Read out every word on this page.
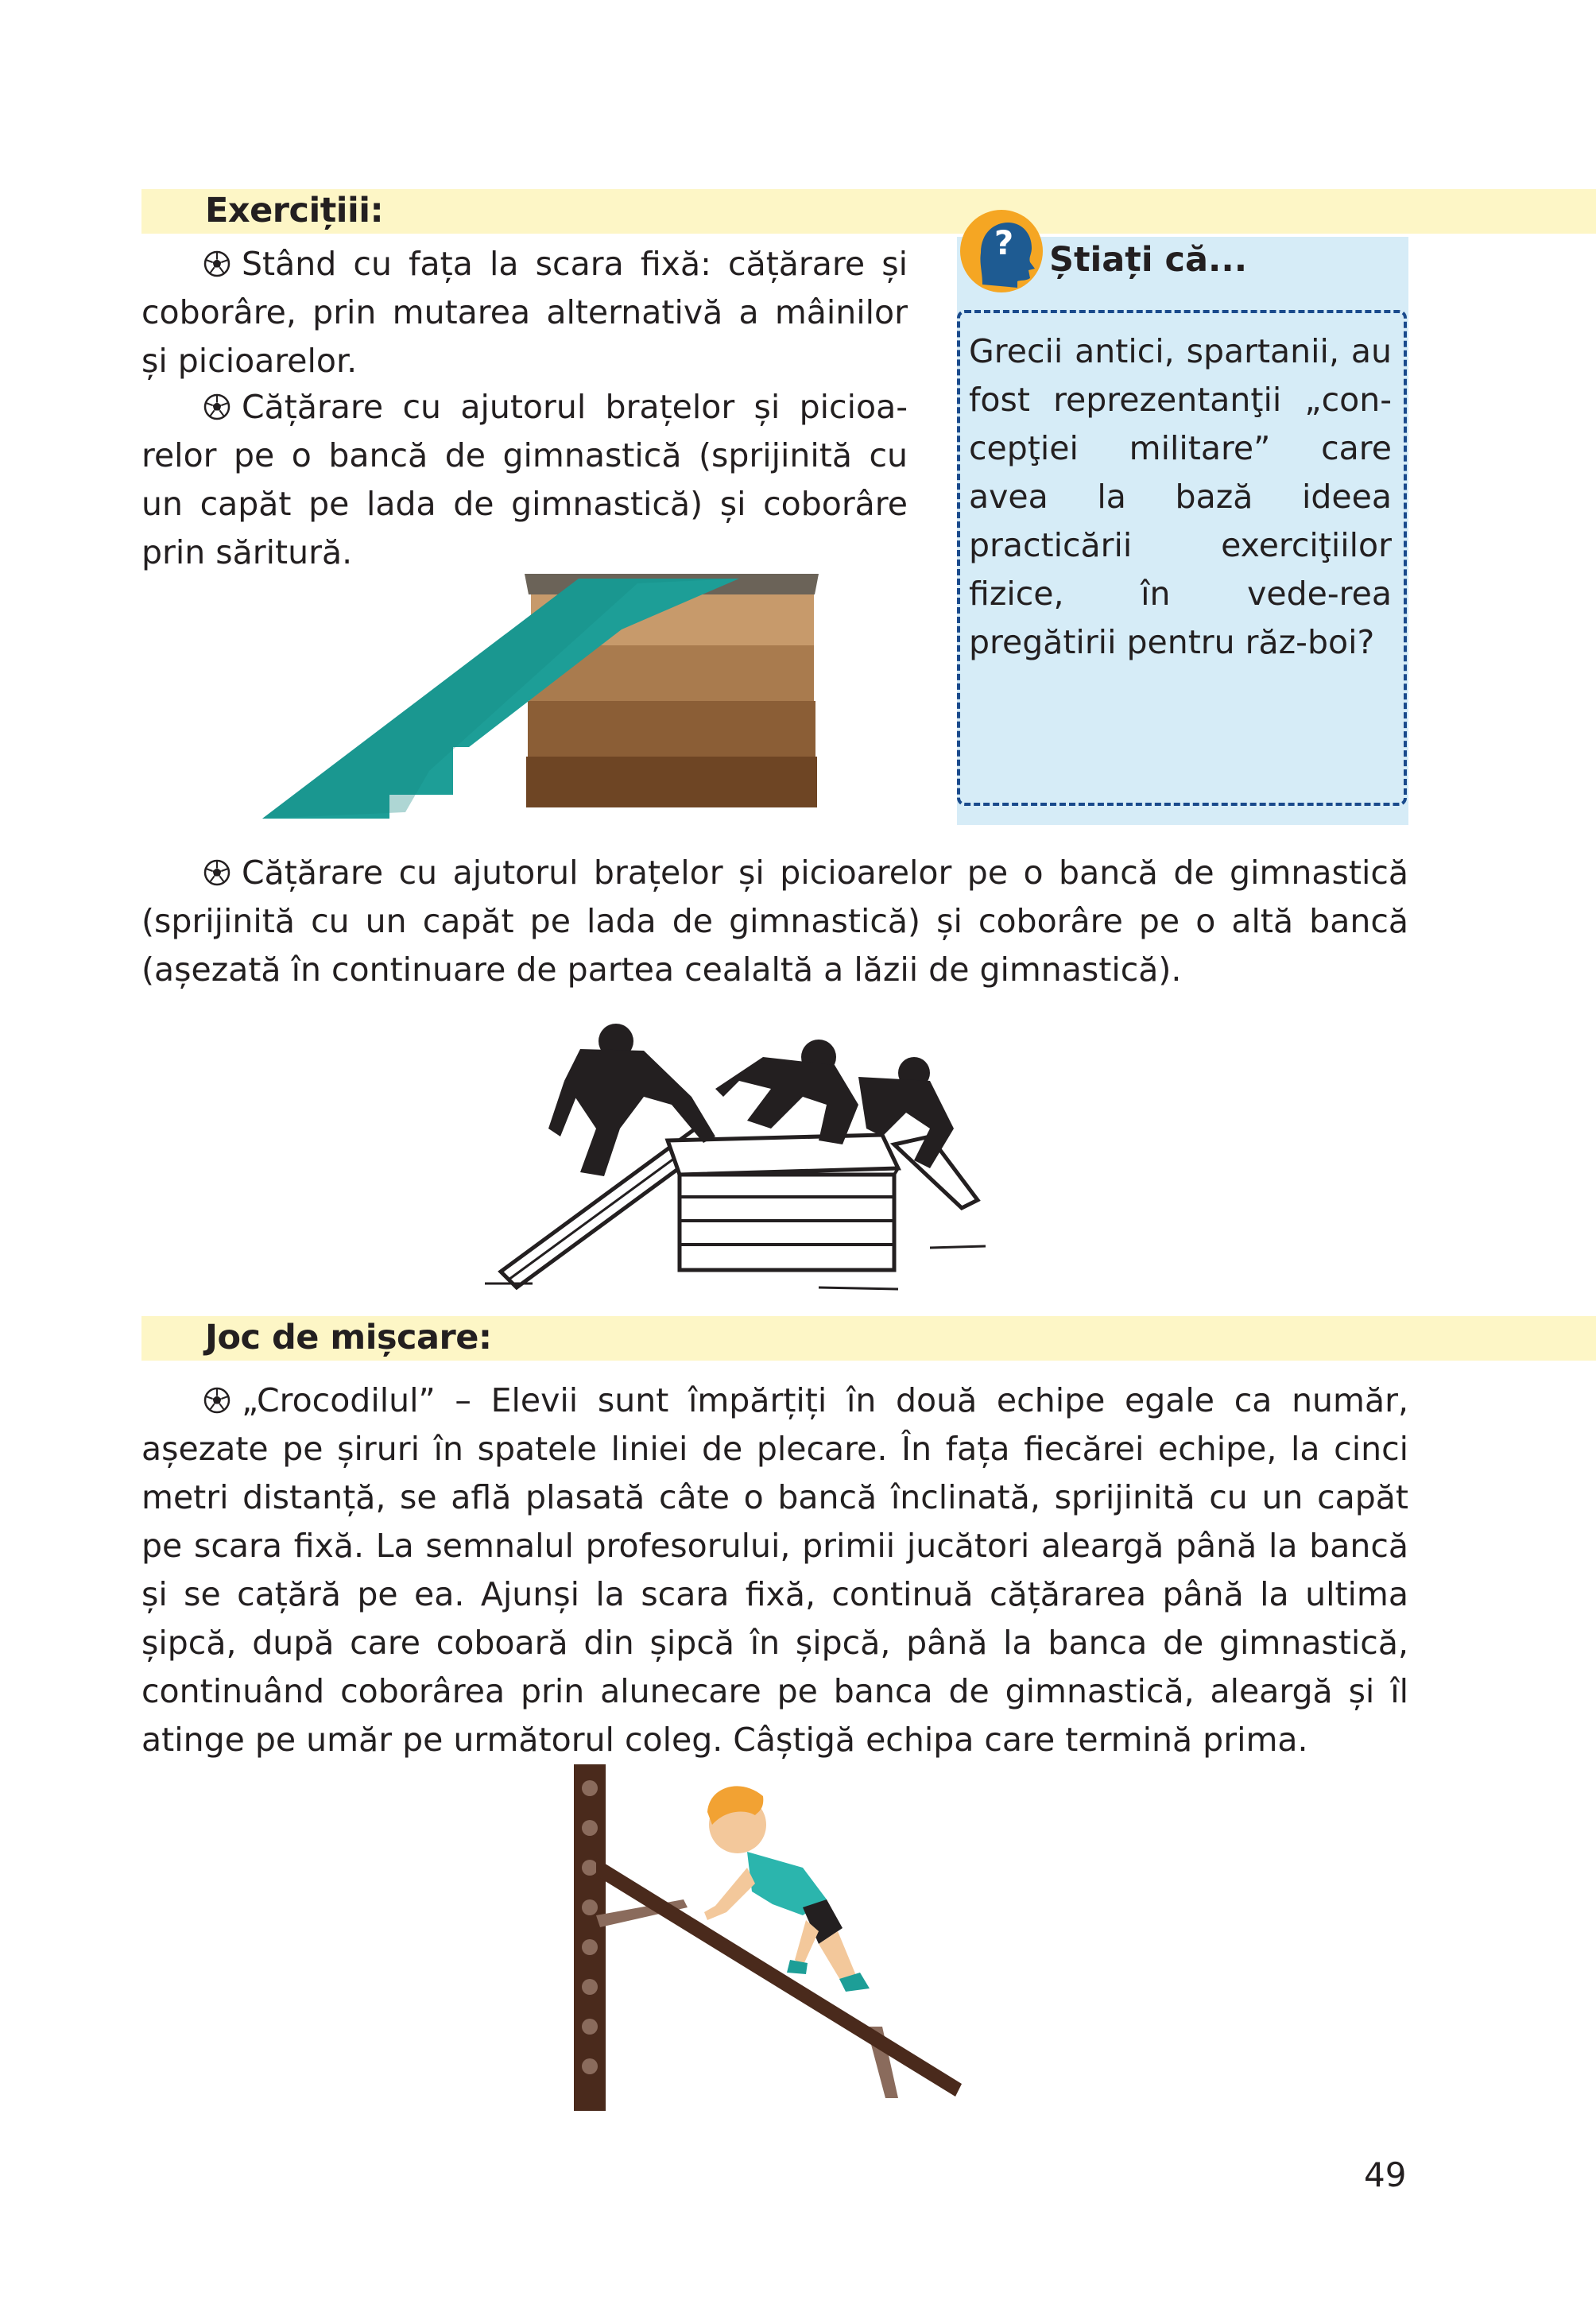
Exercițiii:

Stând cu fața la scara fixă: cățărare și coborâre, prin mutarea alternativă a mâinilor și picioarelor.

Cățărare cu ajutorul brațelor și picioa-relor pe o bancă de gimnastică (sprijinită cu un capăt pe lada de gimnastică) și coborâre prin săritură.

? Știați că...

Grecii antici, spartanii, au fost reprezentanţii „con-cepţiei militare” care avea la bază ideea practicării exerciţiilor fizice, în vede-rea pregătirii pentru răz-boi?

Cățărare cu ajutorul brațelor și picioarelor pe o bancă de gimnastică (sprijinită cu un capăt pe lada de gimnastică) și coborâre pe o altă bancă (așezată în continuare de partea cealaltă a lăzii de gimnastică).

Joc de mișcare:

„Crocodilul” – Elevii sunt împărțiți în două echipe egale ca număr, așezate pe șiruri în spatele liniei de plecare. În fața fiecărei echipe, la cinci metri distanță, se află plasată câte o bancă înclinată, sprijinită cu un capăt pe scara fixă. La semnalul profesorului, primii jucători aleargă până la bancă și se cațără pe ea. Ajunși la scara fixă, continuă cățărarea până la ultima șipcă, după care coboară din șipcă în șipcă, până la banca de gimnastică, continuând coborârea prin alunecare pe banca de gimnastică, aleargă și îl atinge pe umăr pe următorul coleg. Câștigă echipa care termină prima.

49
